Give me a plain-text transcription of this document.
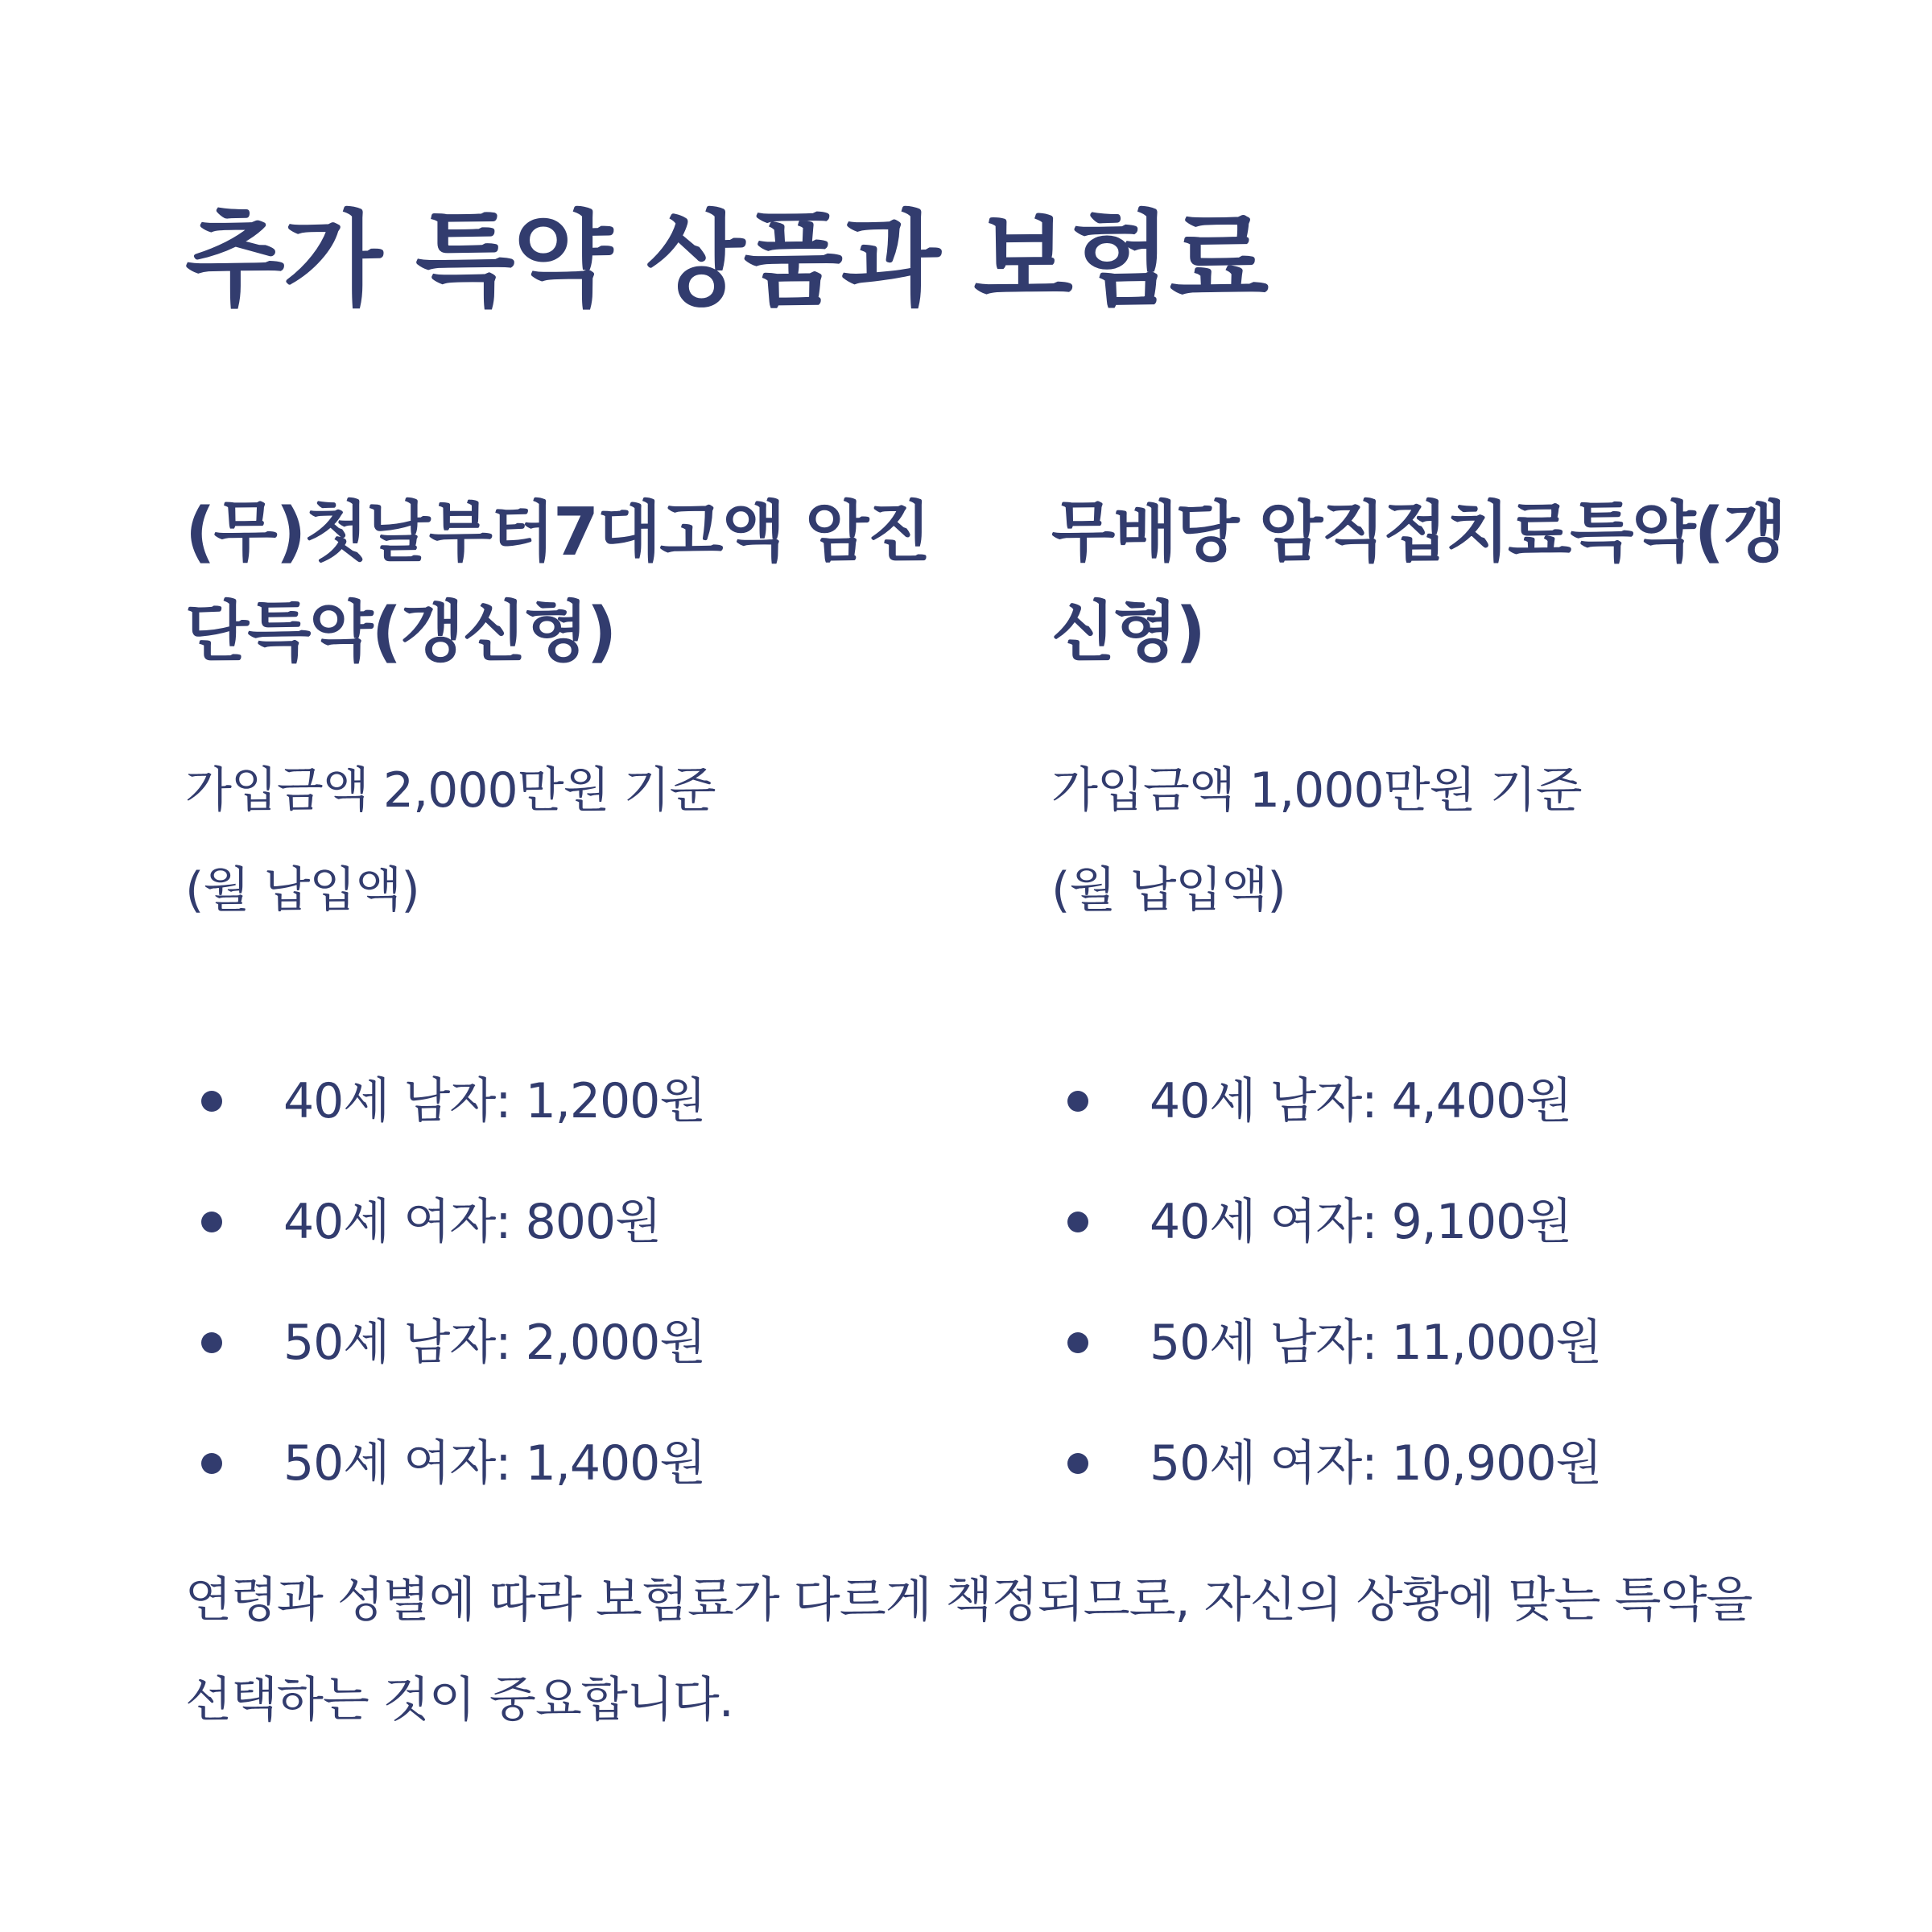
추가 특약 상품과 보험료
(무)첫날부터7대고액 암진단특약(갱신형)

가입금액 2,000만원 기준
(월 납입액)

40세 남자: 1,200원
40세 여자: 800원
50세 남자: 2,000원
50세 여자: 1,400원
무배당 암직접치료특약(갱신형)

가입금액 1,000만원 기준
(월 납입액)

40세 남자: 4,400원
40세 여자: 9,100원
50세 남자: 11,000원
50세 여자: 10,900원

연령과 성별에 따라 보험료가 다르게 책정되므로, 자신의 상황에 맞는 특약을 선택하는 것이 중요합니다.
